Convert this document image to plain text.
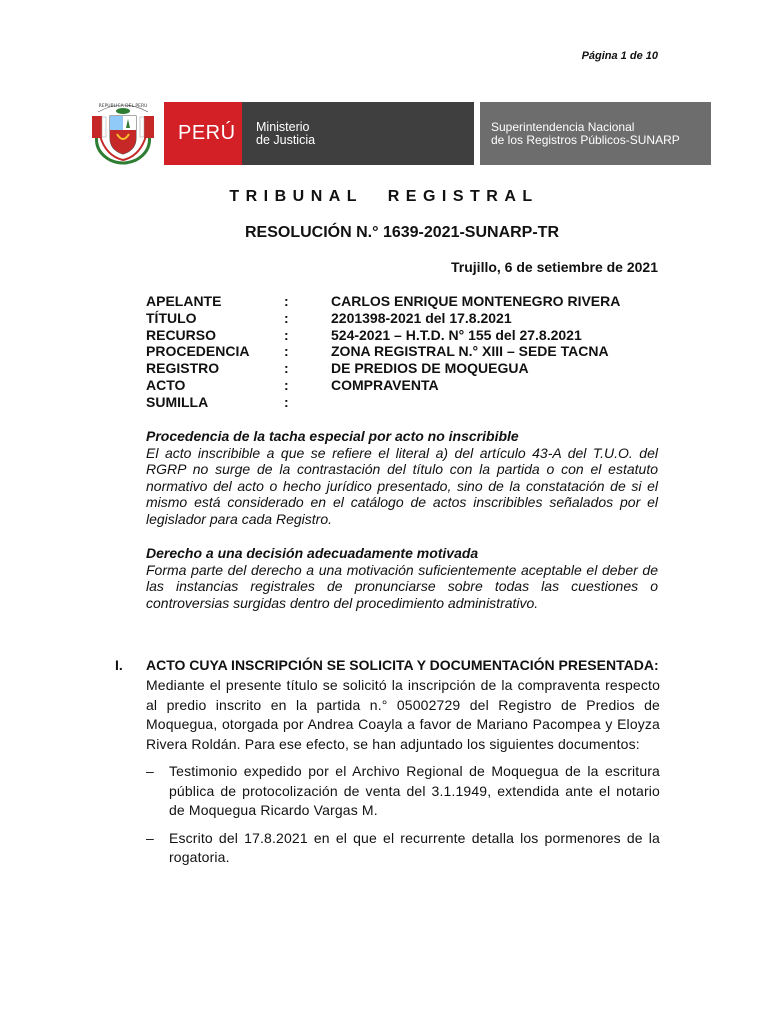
Página 1 de 10
REPUBLICA DEL PERU
PERÚ Ministerio
de Justicia
Superintendencia Nacional
de los Registros Públicos-SUNARP
TRIBUNAL REGISTRAL
RESOLUCIÓN N.° 1639-2021-SUNARP-TR
Trujillo, 6 de setiembre de 2021
APELANTE	:	CARLOS ENRIQUE MONTENEGRO RIVERA
TÍTULO	:	2201398-2021 del 17.8.2021
RECURSO	:	524-2021 – H.T.D. N° 155 del 27.8.2021
PROCEDENCIA	:	ZONA REGISTRAL N.° XIII – SEDE TACNA
REGISTRO	:	DE PREDIOS DE MOQUEGUA
ACTO	:	COMPRAVENTA
SUMILLA	:
Procedencia de la tacha especial por acto no inscribible
El acto inscribible a que se refiere el literal a) del artículo 43-A del T.U.O. del RGRP no surge de la contrastación del título con la partida o con el estatuto normativo del acto o hecho jurídico presentado, sino de la constatación de si el mismo está considerado en el catálogo de actos inscribibles señalados por el legislador para cada Registro.
Derecho a una decisión adecuadamente motivada
Forma parte del derecho a una motivación suficientemente aceptable el deber de las instancias registrales de pronunciarse sobre todas las cuestiones o controversias surgidas dentro del procedimiento administrativo.
I.	ACTO CUYA INSCRIPCIÓN SE SOLICITA Y DOCUMENTACIÓN PRESENTADA:
Mediante el presente título se solicitó la inscripción de la compraventa respecto al predio inscrito en la partida n.° 05002729 del Registro de Predios de Moquegua, otorgada por Andrea Coayla a favor de Mariano Pacompea y Eloyza Rivera Roldán. Para ese efecto, se han adjuntado los siguientes documentos:
–	Testimonio expedido por el Archivo Regional de Moquegua de la escritura pública de protocolización de venta del 3.1.1949, extendida ante el notario de Moquegua Ricardo Vargas M.
–	Escrito del 17.8.2021 en el que el recurrente detalla los pormenores de la rogatoria.
